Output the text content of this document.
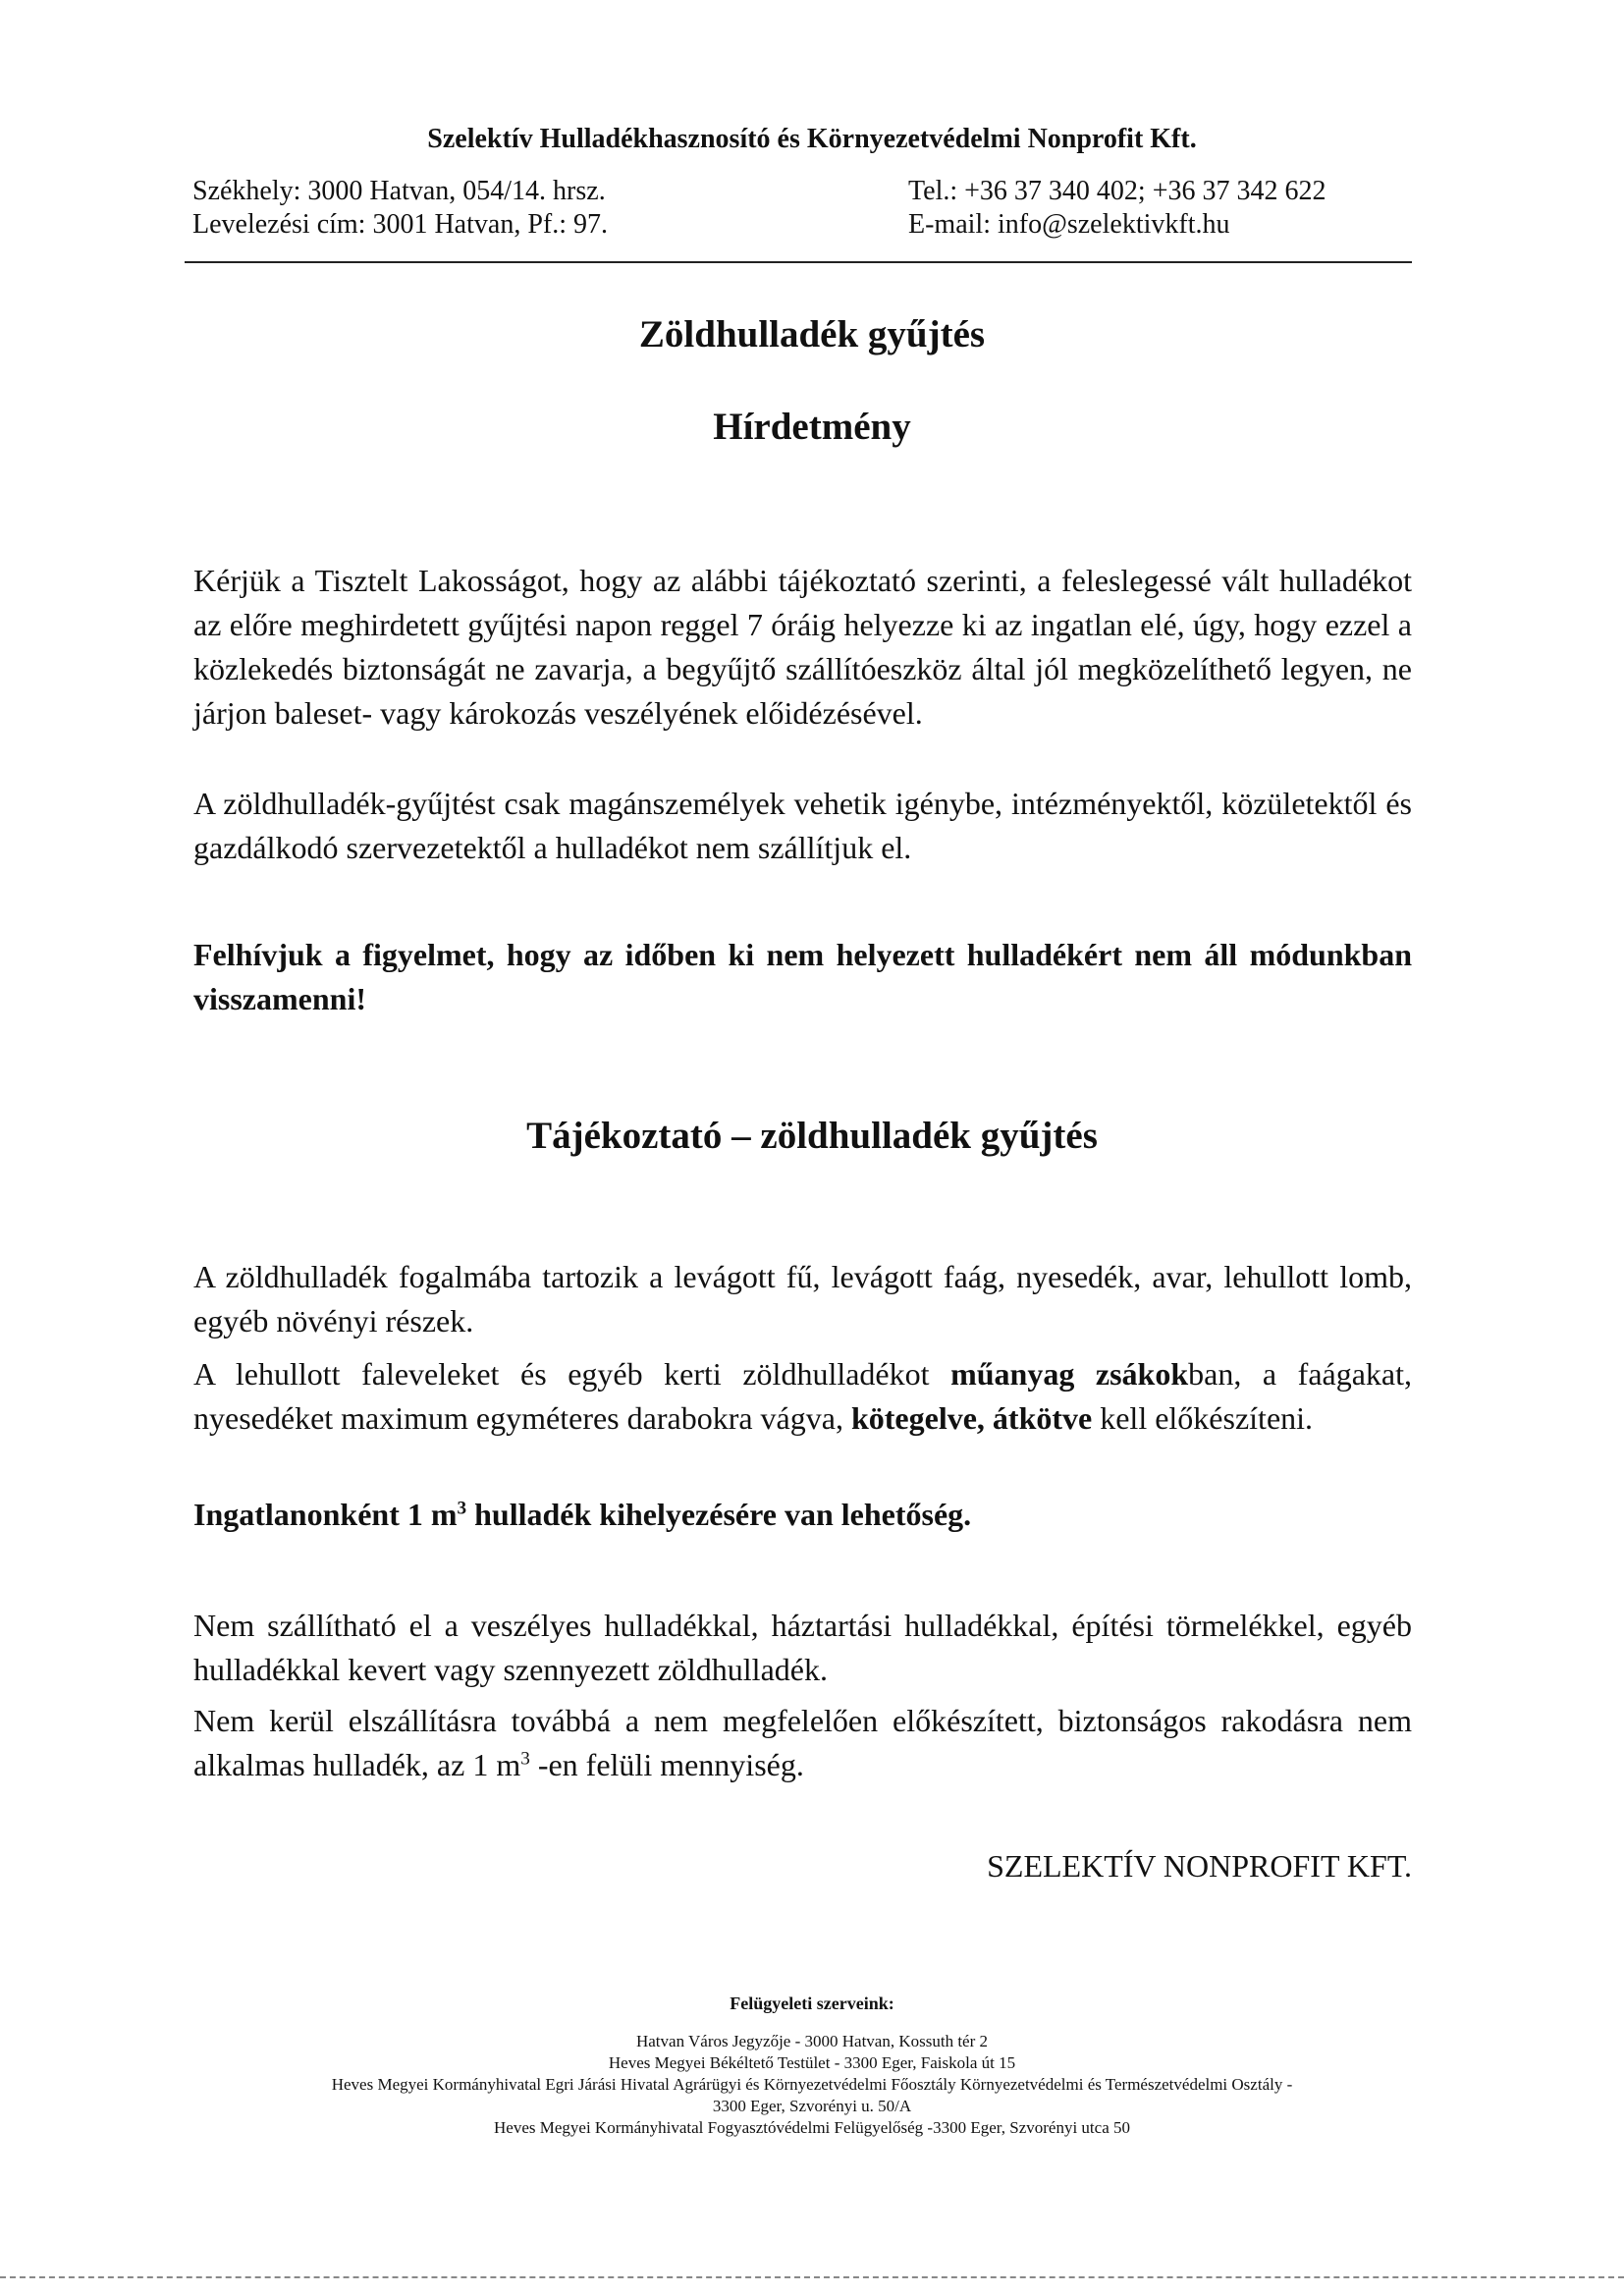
Szelektív Hulladékhasznosító és Környezetvédelmi Nonprofit Kft.
Székhely: 3000 Hatvan, 054/14. hrsz.
Levelezési cím: 3001 Hatvan, Pf.: 97.
Tel.: +36 37 340 402; +36 37 342 622
E-mail: info@szelektivkft.hu
Zöldhulladék gyűjtés
Hírdetmény

Kérjük a Tisztelt Lakosságot, hogy az alábbi tájékoztató szerinti, a feleslegessé vált hulladékot az előre meghirdetett gyűjtési napon reggel 7 óráig helyezze ki az ingatlan elé, úgy, hogy ezzel a közlekedés biztonságát ne zavarja, a begyűjtő szállítóeszköz által jól megközelíthető legyen, ne járjon baleset- vagy károkozás veszélyének előidézésével.

A zöldhulladék-gyűjtést csak magánszemélyek vehetik igénybe, intézményektől, közületektől és gazdálkodó szervezetektől a hulladékot nem szállítjuk el.

Felhívjuk a figyelmet, hogy az időben ki nem helyezett hulladékért nem áll módunkban visszamenni!

Tájékoztató – zöldhulladék gyűjtés

A zöldhulladék fogalmába tartozik a levágott fű, levágott faág, nyesedék, avar, lehullott lomb, egyéb növényi részek.

A lehullott faleveleket és egyéb kerti zöldhulladékot műanyag zsákokban, a faágakat, nyesedéket maximum egyméteres darabokra vágva, kötegelve, átkötve kell előkészíteni.

Ingatlanonként 1 $m^3$ hulladék kihelyezésére van lehetőség.

Nem szállítható el a veszélyes hulladékkal, háztartási hulladékkal, építési törmelékkel, egyéb hulladékkal kevert vagy szennyezett zöldhulladék.

Nem kerül elszállításra továbbá a nem megfelelően előkészített, biztonságos rakodásra nem alkalmas hulladék, az 1 $m^3$ -en felüli mennyiség.

SZELEKTÍV NONPROFIT KFT.
Felügyeleti szerveink:
Hatvan Város Jegyzője - 3000 Hatvan, Kossuth tér 2
Heves Megyei Békéltető Testület - 3300 Eger, Faiskola út 15
Heves Megyei Kormányhivatal Egri Járási Hivatal Agrárügyi és Környezetvédelmi Főosztály Környezetvédelmi és Természetvédelmi Osztály -
3300 Eger, Szvorényi u. 50/A
Heves Megyei Kormányhivatal Fogyasztóvédelmi Felügyelőség -3300 Eger, Szvorényi utca 50
